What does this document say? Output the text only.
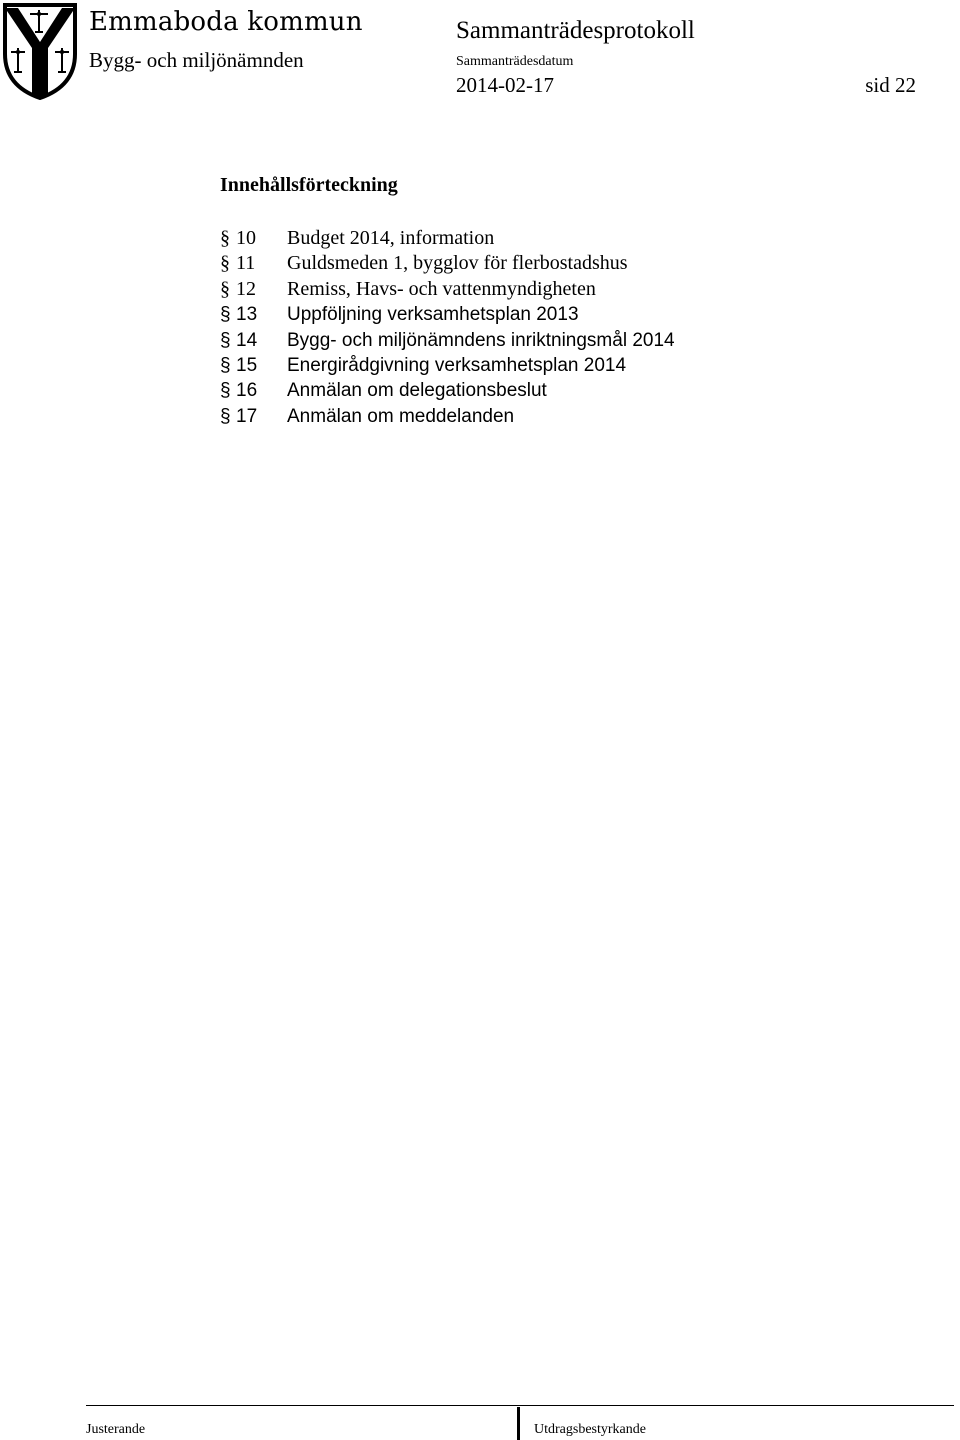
Emmaboda kommun
Bygg- och miljönämnden
Sammanträdesprotokoll
Sammanträdesdatum
2014-02-17	sid 22
Innehållsförteckning
§ 10	Budget 2014, information
§ 11	Guldsmeden 1, bygglov för flerbostadshus
§ 12	Remiss, Havs- och vattenmyndigheten
§ 13	Uppföljning verksamhetsplan 2013
§ 14	Bygg- och miljönämndens inriktningsmål 2014
§ 15	Energirådgivning verksamhetsplan 2014
§ 16	Anmälan om delegationsbeslut
§ 17	Anmälan om meddelanden
Justerande	Utdragsbestyrkande
